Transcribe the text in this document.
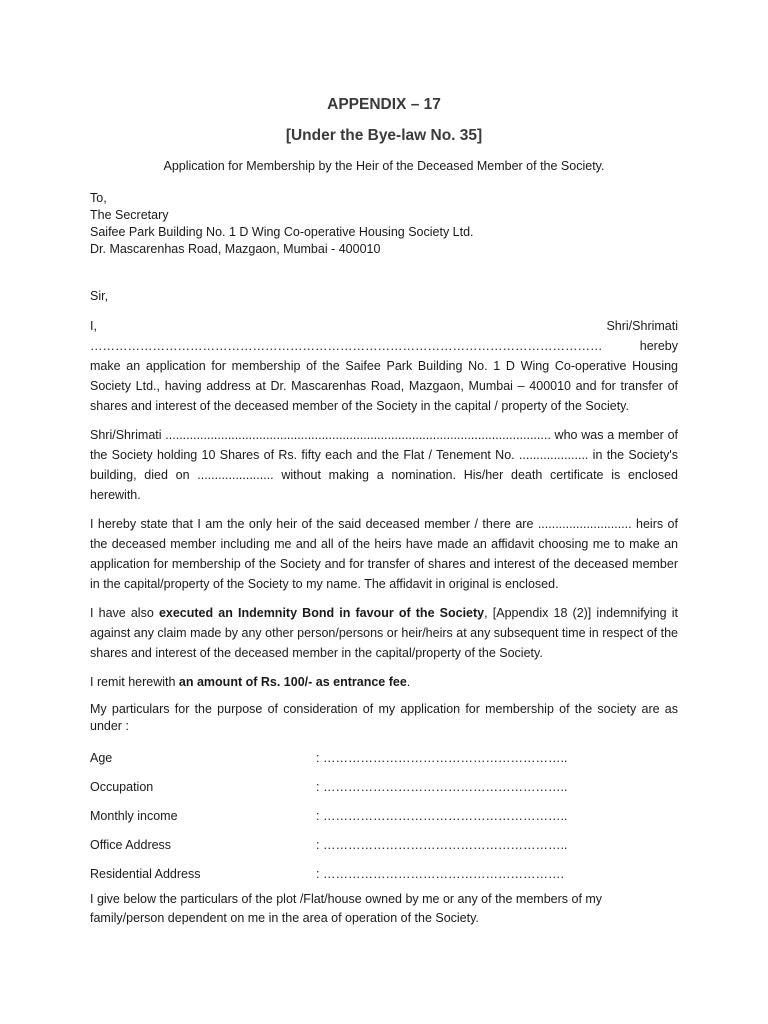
APPENDIX – 17
[Under the Bye-law No. 35]
Application for Membership by the Heir of the Deceased Member of the Society.
To,
The Secretary
Saifee Park Building No. 1 D Wing Co-operative Housing Society Ltd.
Dr. Mascarenhas Road, Mazgaon, Mumbai - 400010
Sir,

I, Shri/Shrimati …………………………………………………………………………………………………………… hereby make an application for membership of the Saifee Park Building No. 1 D Wing Co-operative Housing Society Ltd., having address at Dr. Mascarenhas Road, Mazgaon, Mumbai – 400010 and for transfer of shares and interest of the deceased member of the Society in the capital / property of the Society.

Shri/Shrimati ............................................................................................................... who was a member of the Society holding 10 Shares of Rs. fifty each and the Flat / Tenement No. .................... in the Society's building, died on ...................... without making a nomination. His/her death certificate is enclosed herewith.

I hereby state that I am the only heir of the said deceased member / there are ........................... heirs of the deceased member including me and all of the heirs have made an affidavit choosing me to make an application for membership of the Society and for transfer of shares and interest of the deceased member in the capital/property of the Society to my name. The affidavit in original is enclosed.

I have also executed an Indemnity Bond in favour of the Society, [Appendix 18 (2)] indemnifying it against any claim made by any other person/persons or heir/heirs at any subsequent time in respect of the shares and interest of the deceased member in the capital/property of the Society.

I remit herewith an amount of Rs. 100/- as entrance fee.

My particulars for the purpose of consideration of my application for membership of the society are as under :

Age	: …………………………………………………..
Occupation	: …………………………………………………..
Monthly income	: …………………………………………………..
Office Address	: …………………………………………………..
Residential Address	: ………………………………………………….

I give below the particulars of the plot /Flat/house owned by me or any of the members of my family/person dependent on me in the area of operation of the Society.
